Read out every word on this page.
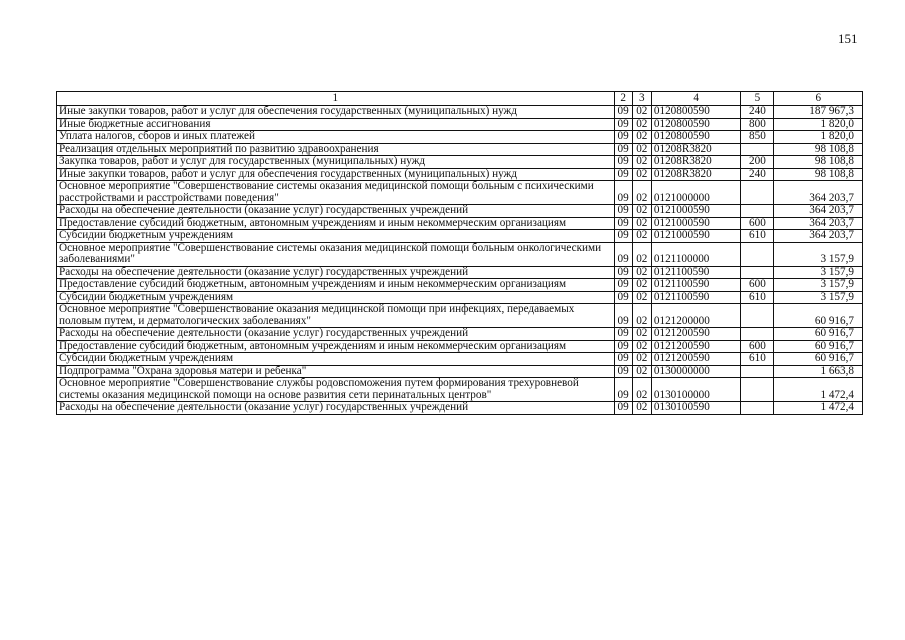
151
1	2	3	4	5	6
Иные закупки товаров, работ и услуг для обеспечения государственных (муниципальных) нужд	09	02	0120800590	240	187 967,3
Иные бюджетные ассигнования	09	02	0120800590	800	1 820,0
Уплата налогов, сборов и иных платежей	09	02	0120800590	850	1 820,0
Реализация отдельных мероприятий по развитию здравоохранения	09	02	01208R3820		98 108,8
Закупка товаров, работ и услуг для государственных (муниципальных) нужд	09	02	01208R3820	200	98 108,8
Иные закупки товаров, работ и услуг для обеспечения государственных (муниципальных) нужд	09	02	01208R3820	240	98 108,8
Основное мероприятие "Совершенствование системы оказания медицинской помощи больным с психическими расстройствами и расстройствами поведения"	09	02	0121000000		364 203,7
Расходы на обеспечение деятельности (оказание услуг) государственных учреждений	09	02	0121000590		364 203,7
Предоставление субсидий бюджетным, автономным учреждениям и иным некоммерческим организациям	09	02	0121000590	600	364 203,7
Субсидии бюджетным учреждениям	09	02	0121000590	610	364 203,7
Основное мероприятие "Совершенствование системы оказания медицинской помощи больным онкологическими заболеваниями"	09	02	0121100000		3 157,9
Расходы на обеспечение деятельности (оказание услуг) государственных учреждений	09	02	0121100590		3 157,9
Предоставление субсидий бюджетным, автономным учреждениям и иным некоммерческим организациям	09	02	0121100590	600	3 157,9
Субсидии бюджетным учреждениям	09	02	0121100590	610	3 157,9
Основное мероприятие "Совершенствование оказания медицинской помощи при инфекциях, передаваемых половым путем, и дерматологических заболеваниях"	09	02	0121200000		60 916,7
Расходы на обеспечение деятельности (оказание услуг) государственных учреждений	09	02	0121200590		60 916,7
Предоставление субсидий бюджетным, автономным учреждениям и иным некоммерческим организациям	09	02	0121200590	600	60 916,7
Субсидии бюджетным учреждениям	09	02	0121200590	610	60 916,7
Подпрограмма "Охрана здоровья матери и ребенка"	09	02	0130000000		1 663,8
Основное мероприятие "Совершенствование службы родовспоможения путем формирования трехуровневой системы оказания медицинской помощи на основе развития сети перинатальных центров"	09	02	0130100000		1 472,4
Расходы на обеспечение деятельности (оказание услуг) государственных учреждений	09	02	0130100590		1 472,4
